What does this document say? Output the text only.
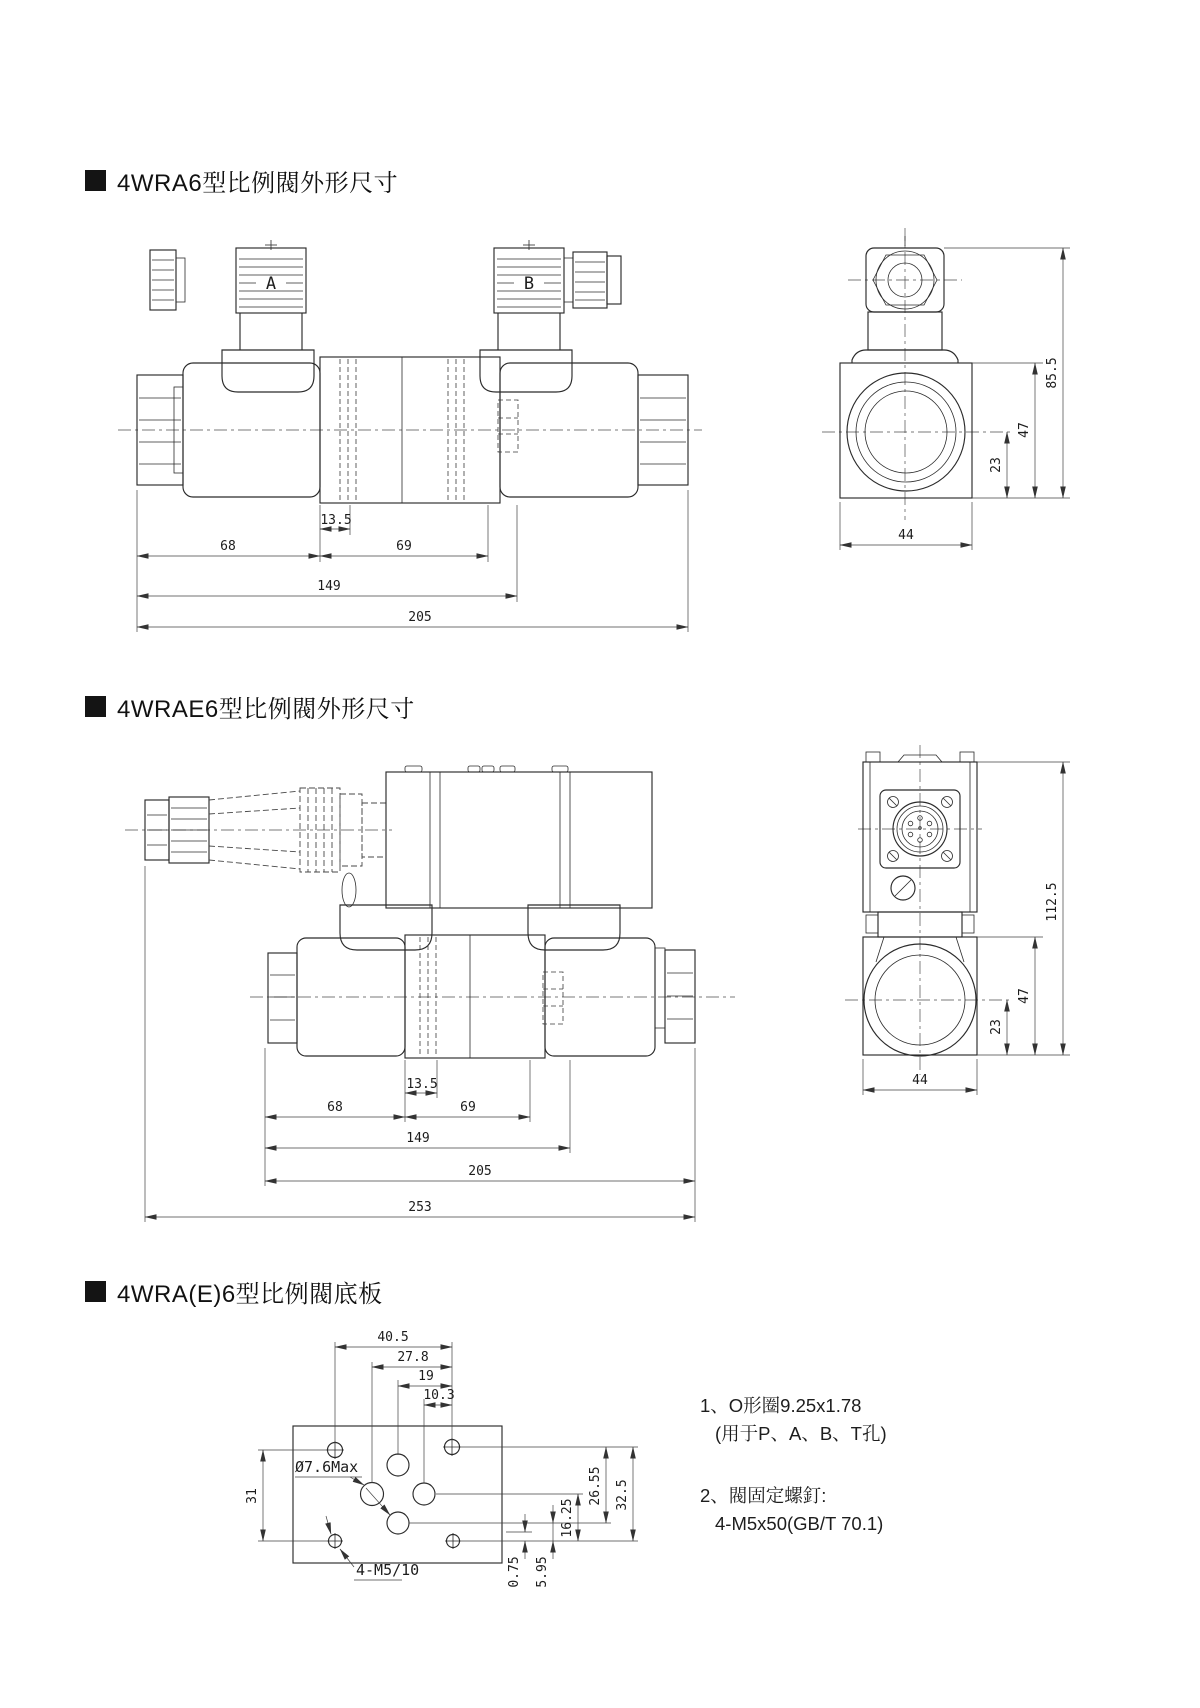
4WRA6型比例閥外形尺寸
4WRAE6型比例閥外形尺寸
4WRA(E)6型比例閥底板
1、O形圈9.25x1.78
(用于P、A、B、T孔)
2、閥固定螺釘:
4-M5x50(GB/T 70.1)
A	B
13.5
68	69
149
205
23
47
85.5
44
13.5
68	69
149
205
253
23
47
112.5
44
40.5
27.8
19
10.3
31
16.25
26.55 32.5
0.75 5.95
Ø7.6Max
4-M5/10
